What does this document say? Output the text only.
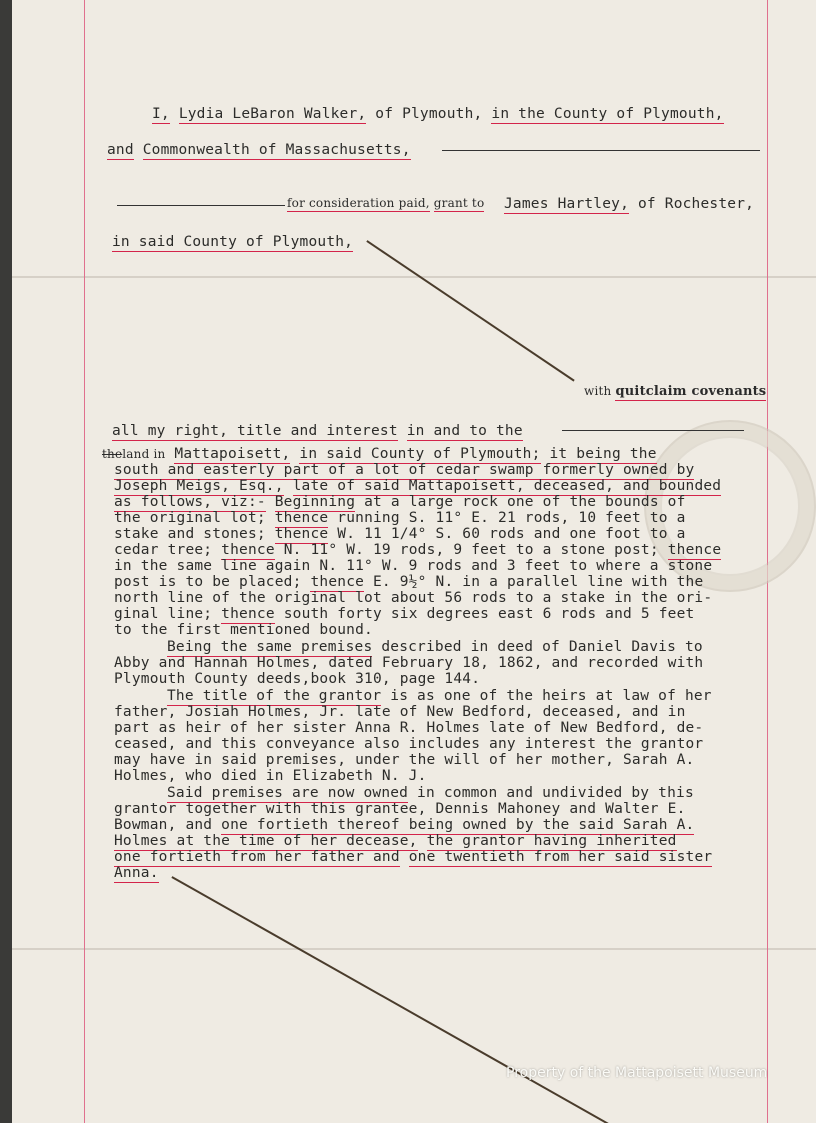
I, Lydia LeBaron Walker, of Plymouth, in the County of Plymouth,
and Commonwealth of Massachusetts,
for consideration paid, grant to James Hartley, of Rochester,
in said County of Plymouth,
with quitclaim covenants
all my right, title and interest in and to the
theland in Mattapoisett, in said County of Plymouth; it being the
south and easterly part of a lot of cedar swamp formerly owned by
Joseph Meigs, Esq., late of said Mattapoisett, deceased, and bounded
as follows, viz:- Beginning at a large rock one of the bounds of
the original lot; thence running S. 11° E. 21 rods, 10 feet to a
stake and stones; thence W. 11 1/4° S. 60 rods and one foot to a
cedar tree; thence N. 11° W. 19 rods, 9 feet to a stone post; thence
in the same line again N. 11° W. 9 rods and 3 feet to where a stone
post is to be placed; thence E. 9½° N. in a parallel line with the
north line of the original lot about 56 rods to a stake in the ori-
ginal line; thence south forty six degrees east 6 rods and 5 feet
to the first mentioned bound.
Being the same premises described in deed of Daniel Davis to
Abby and Hannah Holmes, dated February 18, 1862, and recorded with
Plymouth County deeds,book 310, page 144.
The title of the grantor is as one of the heirs at law of her
father, Josiah Holmes, Jr. late of New Bedford, deceased, and in
part as heir of her sister Anna R. Holmes late of New Bedford, de-
ceased, and this conveyance also includes any interest the grantor
may have in said premises, under the will of her mother, Sarah A.
Holmes, who died in Elizabeth N. J.
Said premises are now owned in common and undivided by this
grantor together with this grantee, Dennis Mahoney and Walter E.
Bowman, and one fortieth thereof being owned by the said Sarah A.
Holmes at the time of her decease, the grantor having inherited
one fortieth from her father and one twentieth from her said sister
Anna.
Property of the Mattapoisett Museum
